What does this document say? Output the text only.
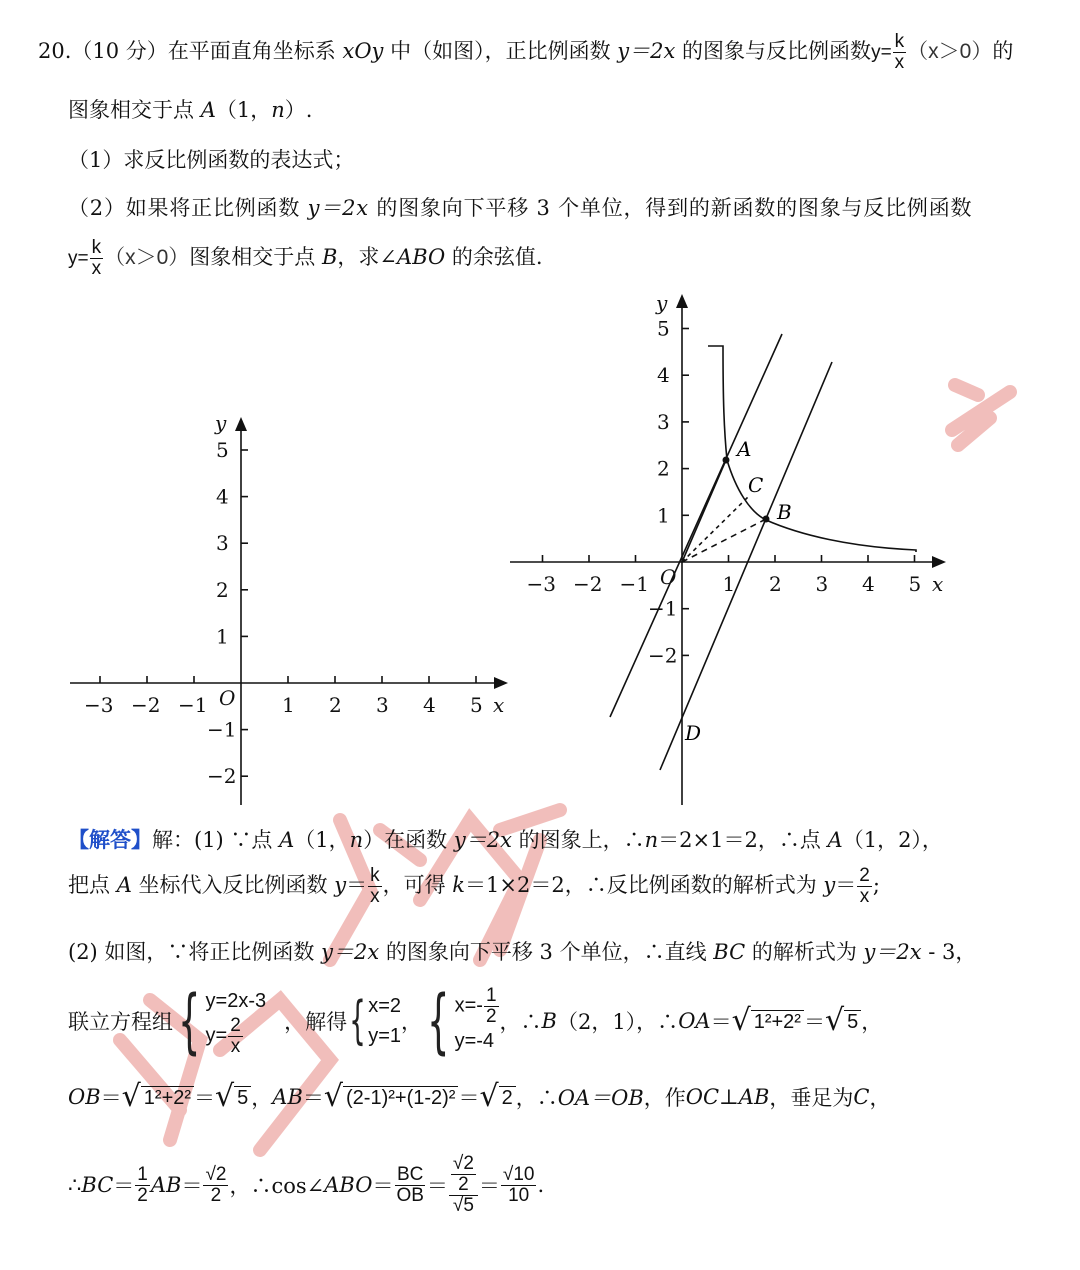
20.（10 分）在平面直角坐标系 xOy 中（如图），正比例函数 y＝2x 的图象与反比例函数$y= \frac{k}{x} (x>0)$的
图象相交于点 A（1，n）.
（1）求反比例函数的表达式；
（2）如果将正比例函数 y＝2x 的图象向下平移 3 个单位，得到的新函数的图象与反比例函数
$y= \frac{k}{x} (x>0)$图象相交于点 B，求∠ABO 的余弦值.
−3 −2 −1	1 2 3 4 5
5
4
3
2
1
−1
−2
x
y
O
−3 −2 −1	1 2 3 4 5
5
4
3
2
1
−1
−2
x
y
O
A
B
C
D
【解答】解：(1) ∵点 A（1，n）在函数 y＝2x 的图象上，∴n＝2×1＝2，∴点 A（1，2），
把点 A 坐标代入反比例函数 $y= \frac{k}{x}$ ，可得 k＝1×2＝2，∴反比例函数的解析式为 $y= \frac{2}{x}$ ;
(2) 如图，∵将正比例函数 y＝2x 的图象向下平移 3 个单位，∴直线 BC 的解析式为 y＝2x - 3，
联立方程组 { y=2x-3
$y= \frac{2}{x}$ ，解得 { x=2
y=1
， { $x=- \frac{1}{2}$
y=-4
，∴ B （2，1），∴ OA ＝ √ 1²+2² ＝ √ 5 ，
OB ＝ √ 1²+2² ＝ √ 5 ， AB ＝ √ (2-1)²+(1-2)² ＝ √ 2 ，∴ OA＝OB ，作 OC⊥AB ，垂足为 C ，
∴ BC ＝ $\frac{1}{2}$ AB ＝ $\frac{√2}{2}$ ，∴cos∠ ABO ＝ $\frac{BC}{OB} = \frac{\frac{√2}{2}}{√5} = \frac{√10}{10}$ .
